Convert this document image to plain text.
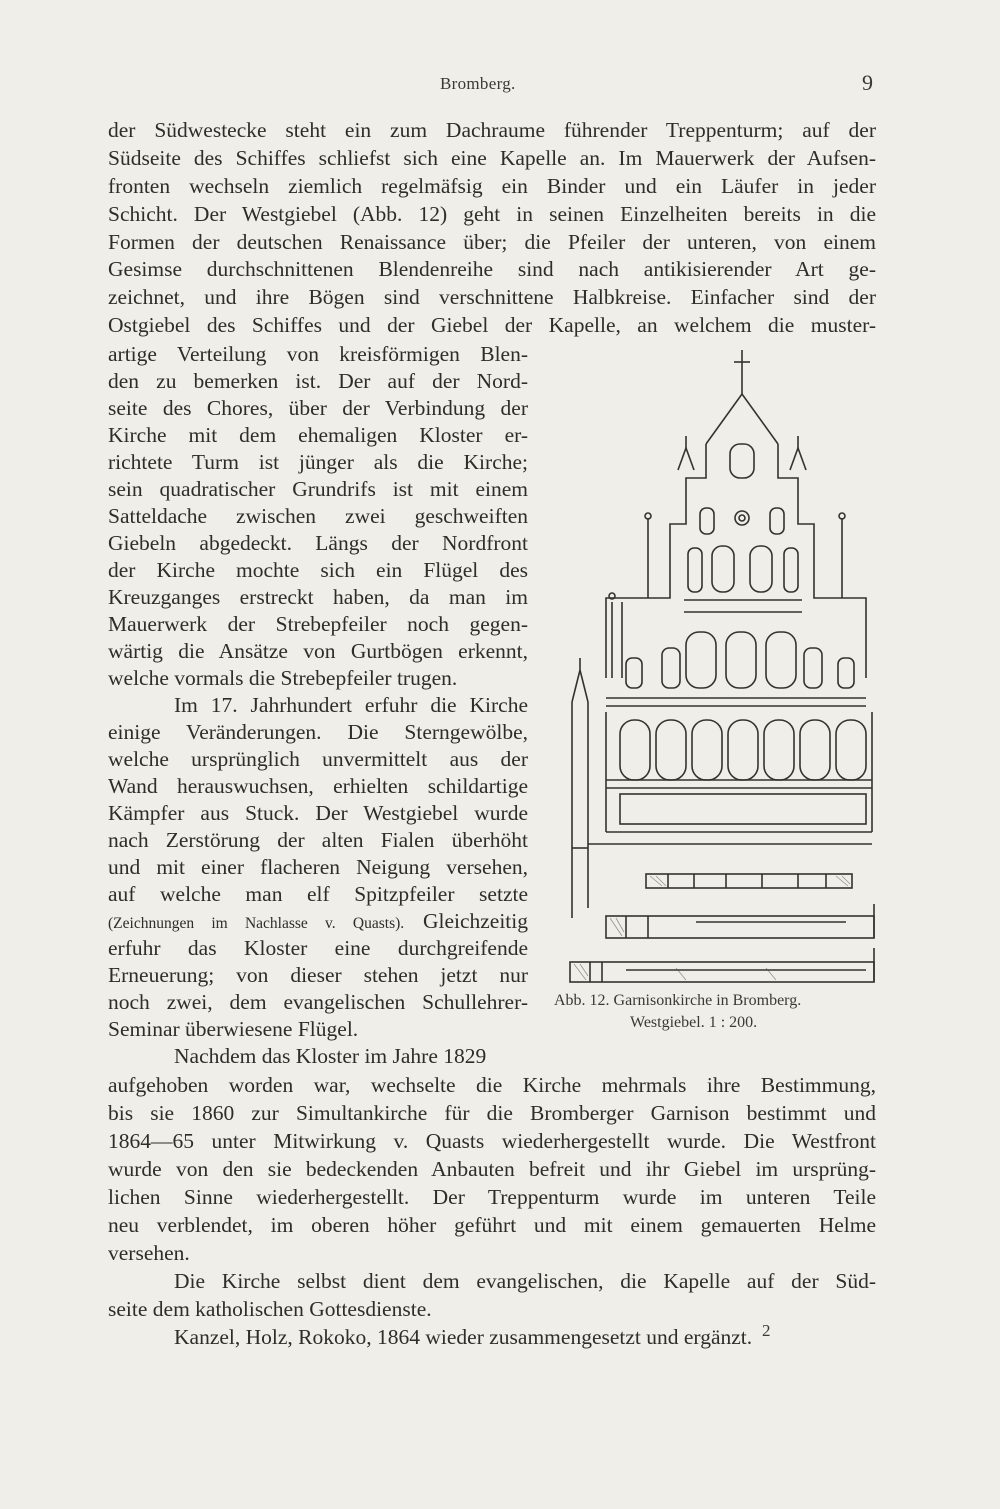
Bromberg.	9
der Südwestecke steht ein zum Dachraume führender Treppenturm; auf der
Südseite des Schiffes schliefst sich eine Kapelle an. Im Mauerwerk der Aufsen-
fronten wechseln ziemlich regelmäfsig ein Binder und ein Läufer in jeder
Schicht. Der Westgiebel (Abb. 12) geht in seinen Einzelheiten bereits in die
Formen der deutschen Renaissance über; die Pfeiler der unteren, von einem
Gesimse durchschnittenen Blendenreihe sind nach antikisierender Art ge-
zeichnet, und ihre Bögen sind verschnittene Halbkreise. Einfacher sind der
Ostgiebel des Schiffes und der Giebel der Kapelle, an welchem die muster-
artige Verteilung von kreisförmigen Blen-
den zu bemerken ist. Der auf der Nord-
seite des Chores, über der Verbindung der
Kirche mit dem ehemaligen Kloster er-
richtete Turm ist jünger als die Kirche;
sein quadratischer Grundrifs ist mit einem
Satteldache zwischen zwei geschweiften
Giebeln abgedeckt. Längs der Nordfront
der Kirche mochte sich ein Flügel des
Kreuzganges erstreckt haben, da man im
Mauerwerk der Strebepfeiler noch gegen-
wärtig die Ansätze von Gurtbögen erkennt,
welche vormals die Strebepfeiler trugen.
Im 17. Jahrhundert erfuhr die Kirche
einige Veränderungen. Die Sterngewölbe,
welche ursprünglich unvermittelt aus der
Wand herauswuchsen, erhielten schildartige
Kämpfer aus Stuck. Der Westgiebel wurde
nach Zerstörung der alten Fialen überhöht
und mit einer flacheren Neigung versehen,
auf welche man elf Spitzpfeiler setzte
(Zeichnungen im Nachlasse v. Quasts). Gleichzeitig
erfuhr das Kloster eine durchgreifende
Erneuerung; von dieser stehen jetzt nur
noch zwei, dem evangelischen Schullehrer-
Seminar überwiesene Flügel.
Nachdem das Kloster im Jahre 1829
aufgehoben worden war, wechselte die Kirche mehrmals ihre Bestimmung,
bis sie 1860 zur Simultankirche für die Bromberger Garnison bestimmt und
1864—65 unter Mitwirkung v. Quasts wiederhergestellt wurde. Die Westfront
wurde von den sie bedeckenden Anbauten befreit und ihr Giebel im ursprüng-
lichen Sinne wiederhergestellt. Der Treppenturm wurde im unteren Teile
neu verblendet, im oberen höher geführt und mit einem gemauerten Helme
versehen.
Die Kirche selbst dient dem evangelischen, die Kapelle auf der Süd-
seite dem katholischen Gottesdienste.
Kanzel, Holz, Rokoko, 1864 wieder zusammengesetzt und ergänzt. 2
Abb. 12. Garnisonkirche in Bromberg.
Westgiebel. 1 : 200.
